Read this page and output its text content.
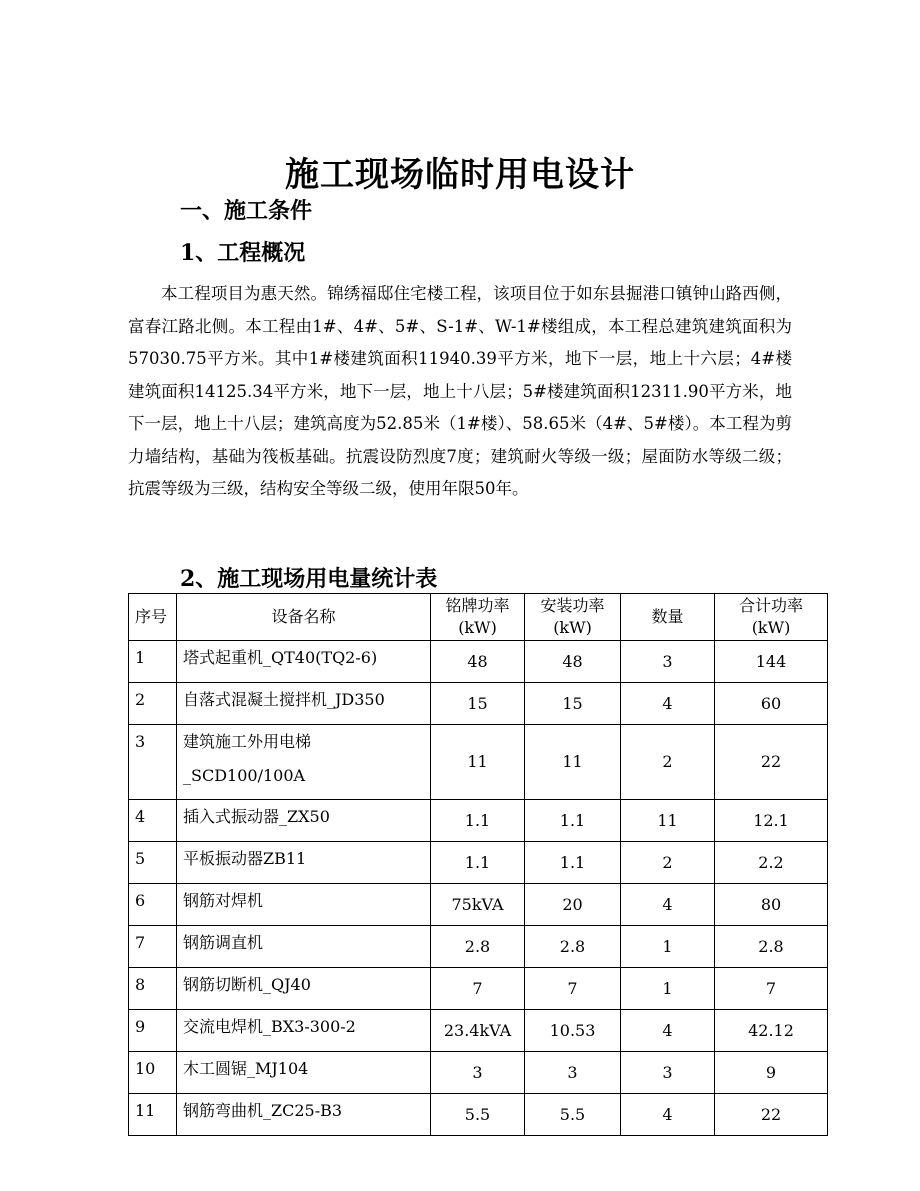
施工现场临时用电设计
一、施工条件
1、工程概况

本工程项目为惠天然。锦绣福邸住宅楼工程，该项目位于如东县掘港口镇钟山路西侧，富春江路北侧。本工程由1#、4#、5#、S-1#、W-1#楼组成，本工程总建筑建筑面积为57030.75平方米。其中1#楼建筑面积11940.39平方米，地下一层，地上十六层；4#楼建筑面积14125.34平方米，地下一层，地上十八层；5#楼建筑面积12311.90平方米，地下一层，地上十八层；建筑高度为52.85米（1#楼）、58.65米（4#、5#楼）。本工程为剪力墙结构，基础为筏板基础。抗震设防烈度7度；建筑耐火等级一级；屋面防水等级二级；抗震等级为三级，结构安全等级二级，使用年限50年。

2、施工现场用电量统计表
序号	设备名称	铭牌功率(kW)	安装功率(kW)	数量	合计功率(kW)
1	塔式起重机_QT40(TQ2-6)	48	48	3	144
2	自落式混凝土搅拌机_JD350	15	15	4	60
3	建筑施工外用电梯_SCD100/100A	11	11	2	22
4	插入式振动器_ZX50	1.1	1.1	11	12.1
5	平板振动器ZB11	1.1	1.1	2	2.2
6	钢筋对焊机	75kVA	20	4	80
7	钢筋调直机	2.8	2.8	1	2.8
8	钢筋切断机_QJ40	7	7	1	7
9	交流电焊机_BX3-300-2	23.4kVA	10.53	4	42.12
10	木工圆锯_MJ104	3	3	3	9
11	钢筋弯曲机_ZC25-B3	5.5	5.5	4	22
